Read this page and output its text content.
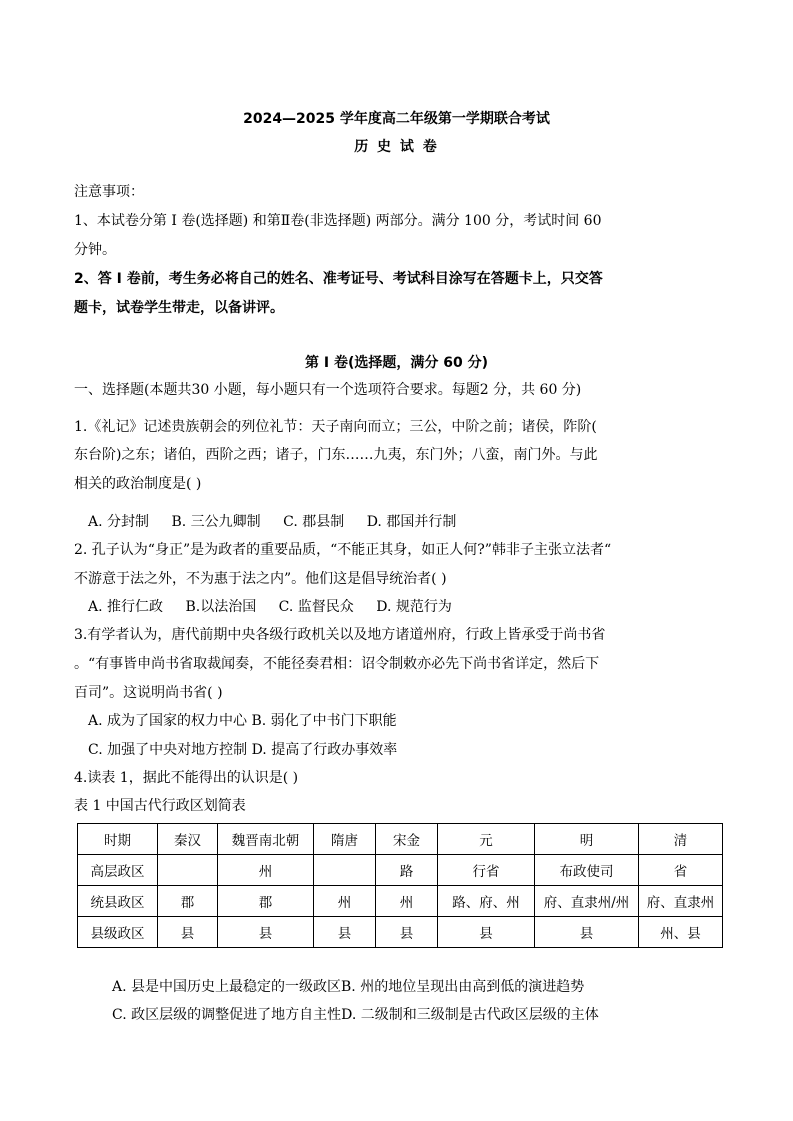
2024—2025 学年度高二年级第一学期联合考试
历 史 试 卷
注意事项：
1、本试卷分第 Ⅰ 卷(选择题) 和第Ⅱ卷(非选择题) 两部分。满分 100 分，考试时间 60
分钟。
2、答 Ⅰ 卷前，考生务必将自己的姓名、准考证号、考试科目涂写在答题卡上，只交答
题卡，试卷学生带走，以备讲评。
第 Ⅰ 卷(选择题，满分 60 分)
一、选择题(本题共30 小题，每小题只有一个选项符合要求。每题2 分，共 60 分)
1.《礼记》记述贵族朝会的列位礼节：天子南向而立；三公，中阶之前；诸侯，阼阶(
东台阶)之东；诸伯，西阶之西；诸子，门东……九夷，东门外；八蛮，南门外。与此
相关的政治制度是( )
A. 分封制 B. 三公九卿制 C. 郡县制 D. 郡国并行制
2. 孔子认为“身正”是为政者的重要品质，“不能正其身，如正人何?”韩非子主张立法者“
不游意于法之外，不为惠于法之内”。他们这是倡导统治者( )
A. 推行仁政 B.以法治国 C. 监督民众 D. 规范行为
3.有学者认为，唐代前期中央各级行政机关以及地方诸道州府，行政上皆承受于尚书省
。“有事皆申尚书省取裁闻奏，不能径奏君相：诏令制敕亦必先下尚书省详定，然后下
百司”。这说明尚书省( )
A. 成为了国家的权力中心 B. 弱化了中书门下职能
C. 加强了中央对地方控制 D. 提高了行政办事效率
4.读表 1，据此不能得出的认识是( )
表 1 中国古代行政区划简表
时期	秦汉	魏晋南北朝	隋唐	宋金	元	明	清
高层政区		州		路	行省	布政使司	省
统县政区	郡	郡	州	州	路、府、州	府、直隶州/州	府、直隶州
县级政区	县	县	县	县	县	县	州、县
A. 县是中国历史上最稳定的一级政区B. 州的地位呈现出由高到低的演进趋势
C. 政区层级的调整促进了地方自主性D. 二级制和三级制是古代政区层级的主体
